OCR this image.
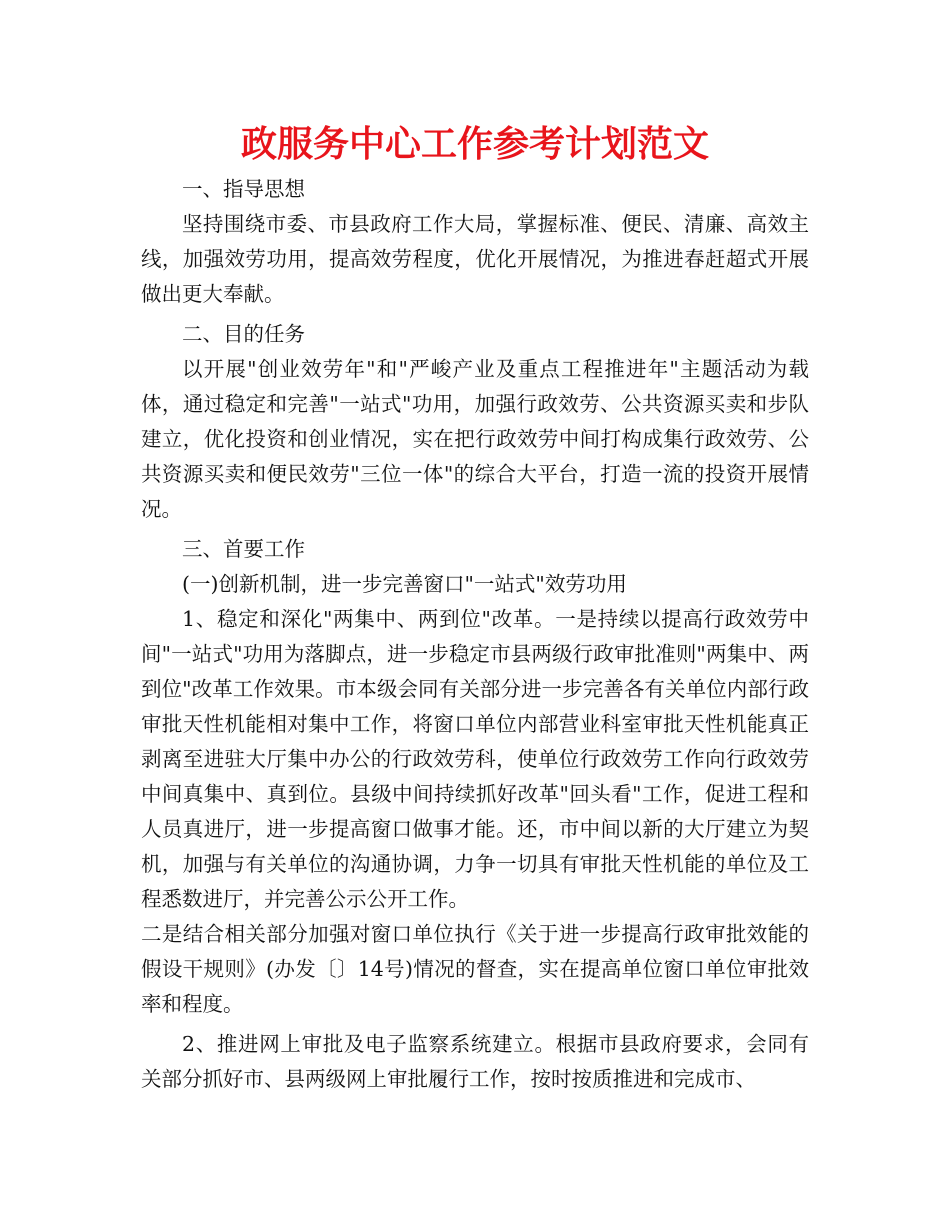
政服务中心工作参考计划范文

一、指导思想

坚持围绕市委、市县政府工作大局，掌握标准、便民、清廉、高效主线，加强效劳功用，提高效劳程度，优化开展情况，为推进春赶超式开展做出更大奉献。

二、目的任务

以开展"创业效劳年"和"严峻产业及重点工程推进年"主题活动为载体，通过稳定和完善"一站式"功用，加强行政效劳、公共资源买卖和步队建立，优化投资和创业情况，实在把行政效劳中间打构成集行政效劳、公共资源买卖和便民效劳"三位一体"的综合大平台，打造一流的投资开展情况。

三、首要工作

(一)创新机制，进一步完善窗口"一站式"效劳功用

1、稳定和深化"两集中、两到位"改革。一是持续以提高行政效劳中间"一站式"功用为落脚点，进一步稳定市县两级行政审批准则"两集中、两到位"改革工作效果。市本级会同有关部分进一步完善各有关单位内部行政审批天性机能相对集中工作，将窗口单位内部营业科室审批天性机能真正剥离至进驻大厅集中办公的行政效劳科，使单位行政效劳工作向行政效劳中间真集中、真到位。县级中间持续抓好改革"回头看"工作，促进工程和人员真进厅，进一步提高窗口做事才能。还，市中间以新的大厅建立为契机，加强与有关单位的沟通协调，力争一切具有审批天性机能的单位及工程悉数进厅，并完善公示公开工作。

二是结合相关部分加强对窗口单位执行《关于进一步提高行政审批效能的假设干规则》(办发〔〕14号)情况的督查，实在提高单位窗口单位审批效率和程度。

2、推进网上审批及电子监察系统建立。根据市县政府要求，会同有关部分抓好市、县两级网上审批履行工作，按时按质推进和完成市、
